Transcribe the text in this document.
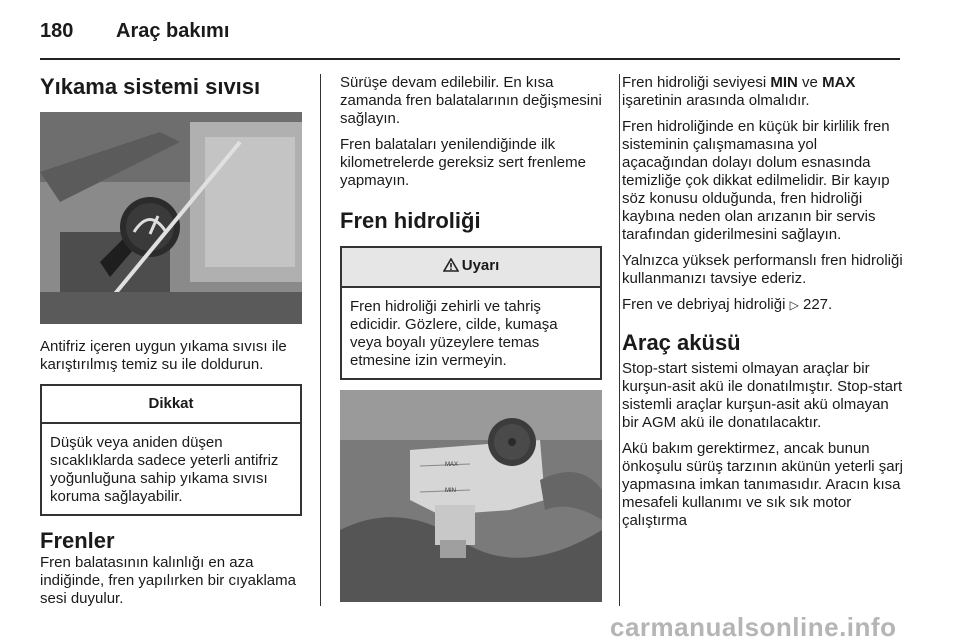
180 Araç bakımı
Yıkama sistemi sıvısı

Antifriz içeren uygun yıkama sıvısı ile karıştırılmış temiz su ile doldurun.

Dikkat
Düşük veya aniden düşen sıcaklıklarda sadece yeterli antifriz yoğunluğuna sahip yıkama sıvısı koruma sağlayabilir.
Frenler

Fren balatasının kalınlığı en aza indiğinde, fren yapılırken bir cıyaklama sesi duyulur.

Sürüşe devam edilebilir. En kısa zamanda fren balatalarının değişmesini sağlayın.

Fren balataları yenilendiğinde ilk kilometrelerde gereksiz sert frenleme yapmayın.

Fren hidroliği
Uyarı
Fren hidroliği zehirli ve tahriş edicidir. Gözlere, cilde, kumaşa veya boyalı yüzeylere temas etmesine izin vermeyin.
MAX
MIN

Fren hidroliği seviyesi MIN ve MAX işaretinin arasında olmalıdır.

Fren hidroliğinde en küçük bir kirlilik fren sisteminin çalışmamasına yol açacağından dolayı dolum esnasında temizliğe çok dikkat edilmelidir. Bir kayıp söz konusu olduğunda, fren hidroliği kaybına neden olan arızanın bir servis tarafından giderilmesini sağlayın.

Yalnızca yüksek performanslı fren hidroliği kullanmanızı tavsiye ederiz.

Fren ve debriyaj hidroliği ▷ 227.

Araç aküsü

Stop-start sistemi olmayan araçlar bir kurşun-asit akü ile donatılmıştır. Stop-start sistemli araçlar kurşun-asit akü olmayan bir AGM akü ile donatılacaktır.

Akü bakım gerektirmez, ancak bunun önkoşulu sürüş tarzının akünün yeterli şarj yapmasına imkan tanımasıdır. Aracın kısa mesafeli kullanımı ve sık sık motor çalıştırma

carmanualsonline.info
